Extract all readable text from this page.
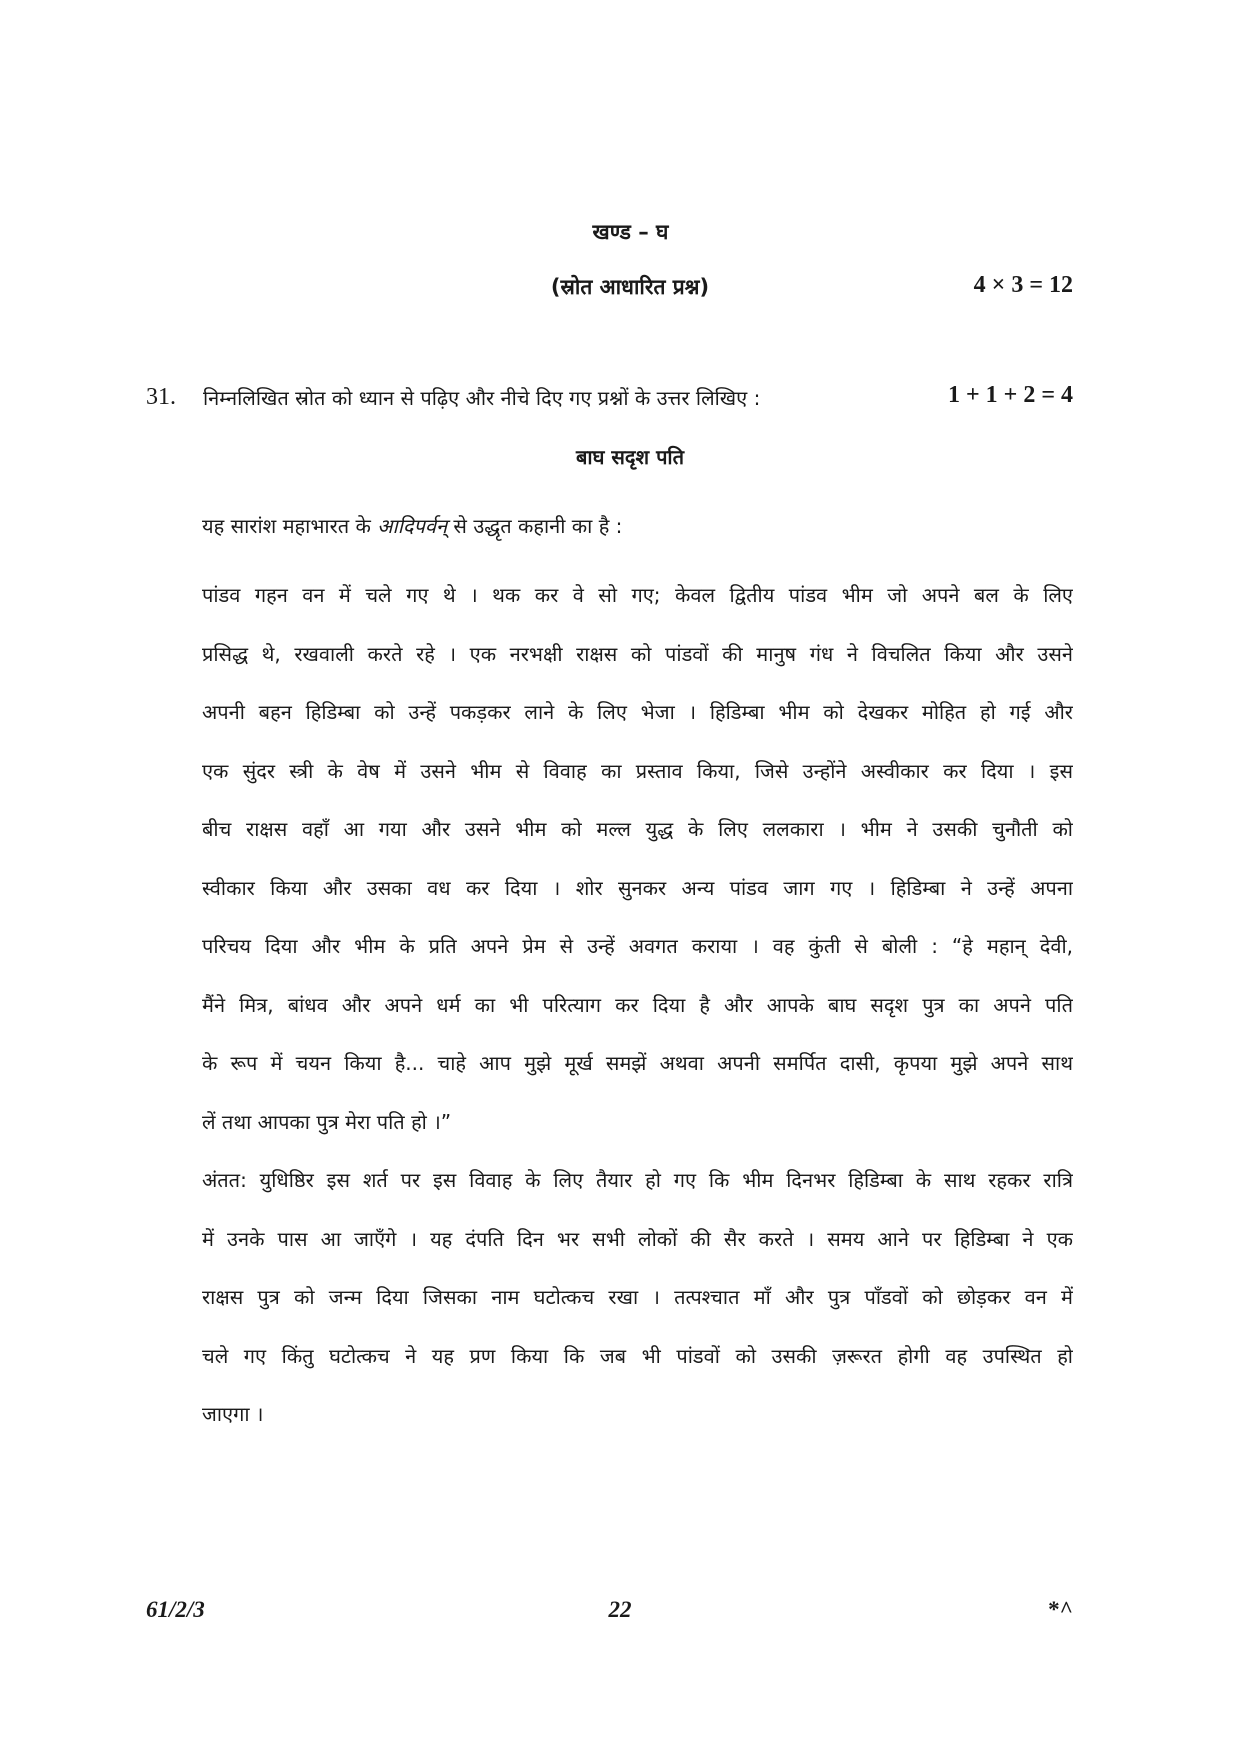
खण्ड – घ
(स्रोत आधारित प्रश्न)	4 × 3 = 12
31. निम्नलिखित स्रोत को ध्यान से पढ़िए और नीचे दिए गए प्रश्नों के उत्तर लिखिए :	1 + 1 + 2 = 4
बाघ सदृश पति
यह सारांश महाभारत के आदिपर्वन् से उद्धृत कहानी का है :
पांडव गहन वन में चले गए थे । थक कर वे सो गए; केवल द्वितीय पांडव भीम जो अपने बल के लिए
प्रसिद्ध थे, रखवाली करते रहे । एक नरभक्षी राक्षस को पांडवों की मानुष गंध ने विचलित किया और उसने
अपनी बहन हिडिम्बा को उन्हें पकड़कर लाने के लिए भेजा । हिडिम्बा भीम को देखकर मोहित हो गई और
एक सुंदर स्त्री के वेष में उसने भीम से विवाह का प्रस्ताव किया, जिसे उन्होंने अस्वीकार कर दिया । इस
बीच राक्षस वहाँ आ गया और उसने भीम को मल्ल युद्ध के लिए ललकारा । भीम ने उसकी चुनौती को
स्वीकार किया और उसका वध कर दिया । शोर सुनकर अन्य पांडव जाग गए । हिडिम्बा ने उन्हें अपना
परिचय दिया और भीम के प्रति अपने प्रेम से उन्हें अवगत कराया । वह कुंती से बोली : “हे महान् देवी,
मैंने मित्र, बांधव और अपने धर्म का भी परित्याग कर दिया है और आपके बाघ सदृश पुत्र का अपने पति
के रूप में चयन किया है... चाहे आप मुझे मूर्ख समझें अथवा अपनी समर्पित दासी, कृपया मुझे अपने साथ
लें तथा आपका पुत्र मेरा पति हो ।”
अंतत: युधिष्ठिर इस शर्त पर इस विवाह के लिए तैयार हो गए कि भीम दिनभर हिडिम्बा के साथ रहकर रात्रि
में उनके पास आ जाएँगे । यह दंपति दिन भर सभी लोकों की सैर करते । समय आने पर हिडिम्बा ने एक
राक्षस पुत्र को जन्म दिया जिसका नाम घटोत्कच रखा । तत्पश्चात माँ और पुत्र पाँडवों को छोड़कर वन में
चले गए किंतु घटोत्कच ने यह प्रण किया कि जब भी पांडवों को उसकी ज़रूरत होगी वह उपस्थित हो
जाएगा ।
61/2/3	22	*^
